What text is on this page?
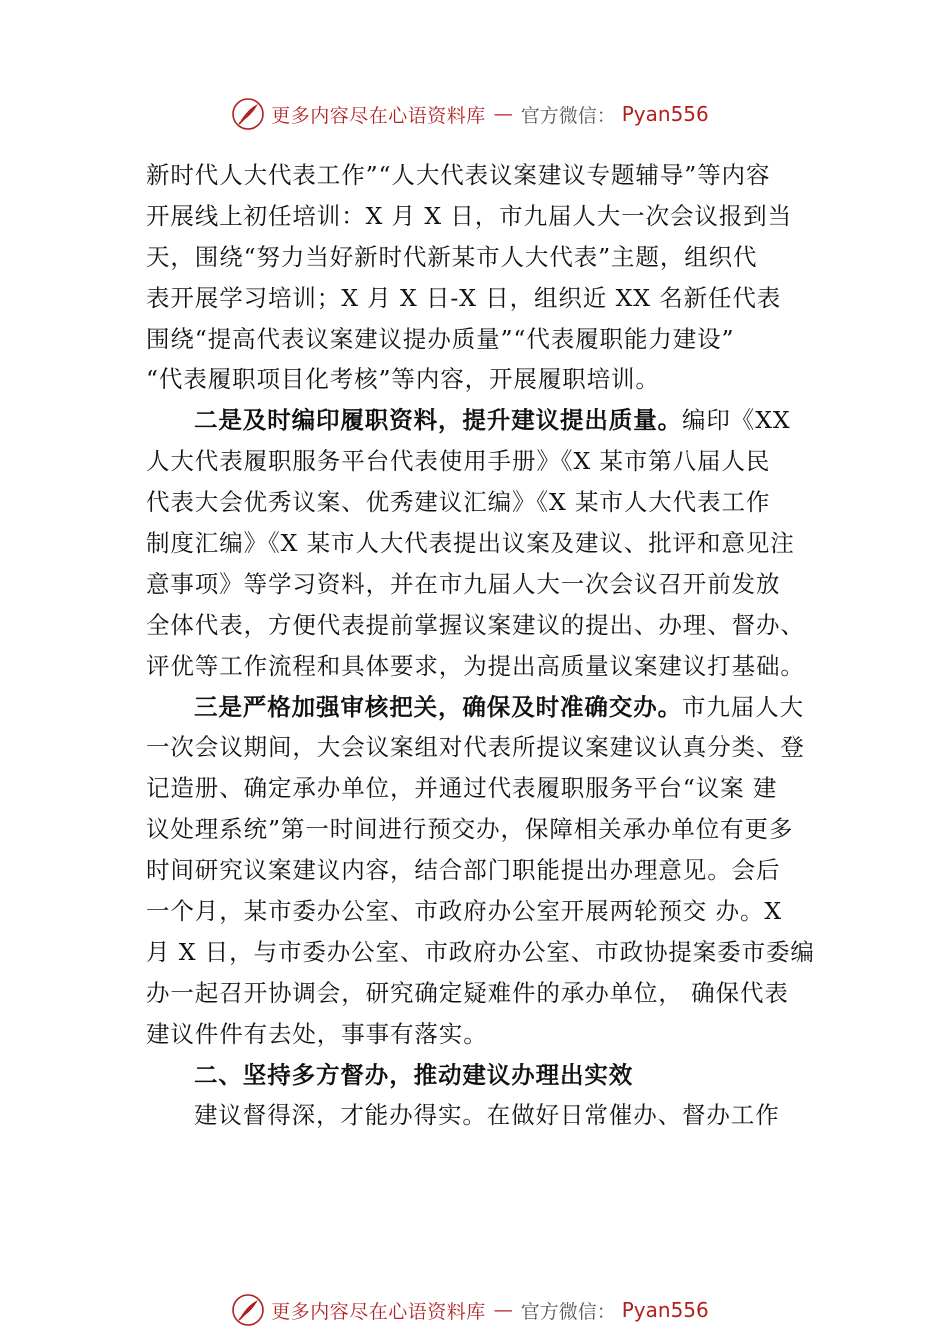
更多内容尽在心语资料库 — 官方微信： Pyan556
新时代人大代表工作”“人大代表议案建议专题辅导”等内容
开展线上初任培训：X 月 X 日，市九届人大一次会议报到当
天，围绕“努力当好新时代新某市人大代表”主题，组织代
表开展学习培训；X 月 X 日-X 日，组织近 XX 名新任代表
围绕“提高代表议案建议提办质量”“代表履职能力建设”
“代表履职项目化考核”等内容，开展履职培训。
二是及时编印履职资料，提升建议提出质量。编印《XX
人大代表履职服务平台代表使用手册》《X 某市第八届人民
代表大会优秀议案、优秀建议汇编》《X 某市人大代表工作
制度汇编》《X 某市人大代表提出议案及建议、批评和意见注
意事项》等学习资料，并在市九届人大一次会议召开前发放
全体代表，方便代表提前掌握议案建议的提出、办理、督办、
评优等工作流程和具体要求，为提出高质量议案建议打基础。
三是严格加强审核把关，确保及时准确交办。市九届人大
一次会议期间，大会议案组对代表所提议案建议认真分类、登
记造册、确定承办单位，并通过代表履职服务平台“议案 建
议处理系统”第一时间进行预交办，保障相关承办单位有更多
时间研究议案建议内容，结合部门职能提出办理意见。会后
一个月，某市委办公室、市政府办公室开展两轮预交 办。X
月 X 日，与市委办公室、市政府办公室、市政协提案委市委编
办一起召开协调会，研究确定疑难件的承办单位， 确保代表
建议件件有去处，事事有落实。
二、坚持多方督办，推动建议办理出实效
建议督得深，才能办得实。在做好日常催办、督办工作
更多内容尽在心语资料库 — 官方微信： Pyan556
